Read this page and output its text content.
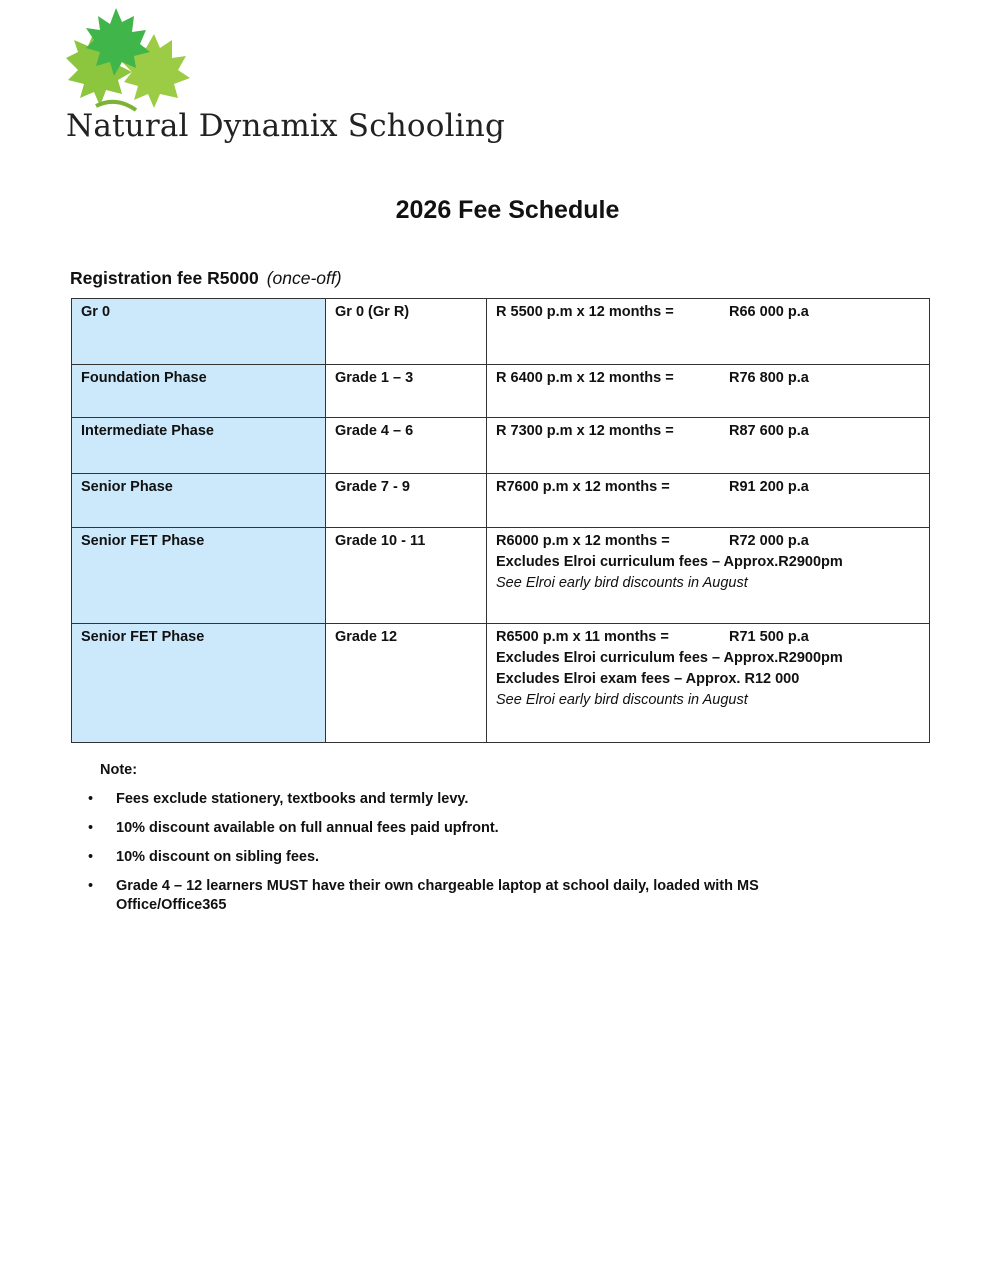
Natural Dynamix Schooling
2026 Fee Schedule
Registration fee R5000 (once-off)
Gr 0	Gr 0 (Gr R)	R 5500 p.m x 12 months = R66 000 p.a

Foundation Phase	Grade 1 – 3	R 6400 p.m x 12 months = R76 800 p.a

Intermediate Phase	Grade 4 – 6	R 7300 p.m x 12 months = R87 600 p.a

Senior Phase	Grade 7 - 9	R7600 p.m x 12 months = R91 200 p.a

Senior FET Phase	Grade 10 - 11	R6000 p.m x 12 months = R72 000 p.a
Excludes Elroi curriculum fees – Approx.R2900pm
See Elroi early bird discounts in August

Senior FET Phase	Grade 12	R6500 p.m x 11 months = R71 500 p.a
Excludes Elroi curriculum fees – Approx.R2900pm
Excludes Elroi exam fees – Approx. R12 000
See Elroi early bird discounts in August
Note:
• Fees exclude stationery, textbooks and termly levy.
• 10% discount available on full annual fees paid upfront.
• 10% discount on sibling fees.
• Grade 4 – 12 learners MUST have their own chargeable laptop at school daily, loaded with MS Office/Office365
